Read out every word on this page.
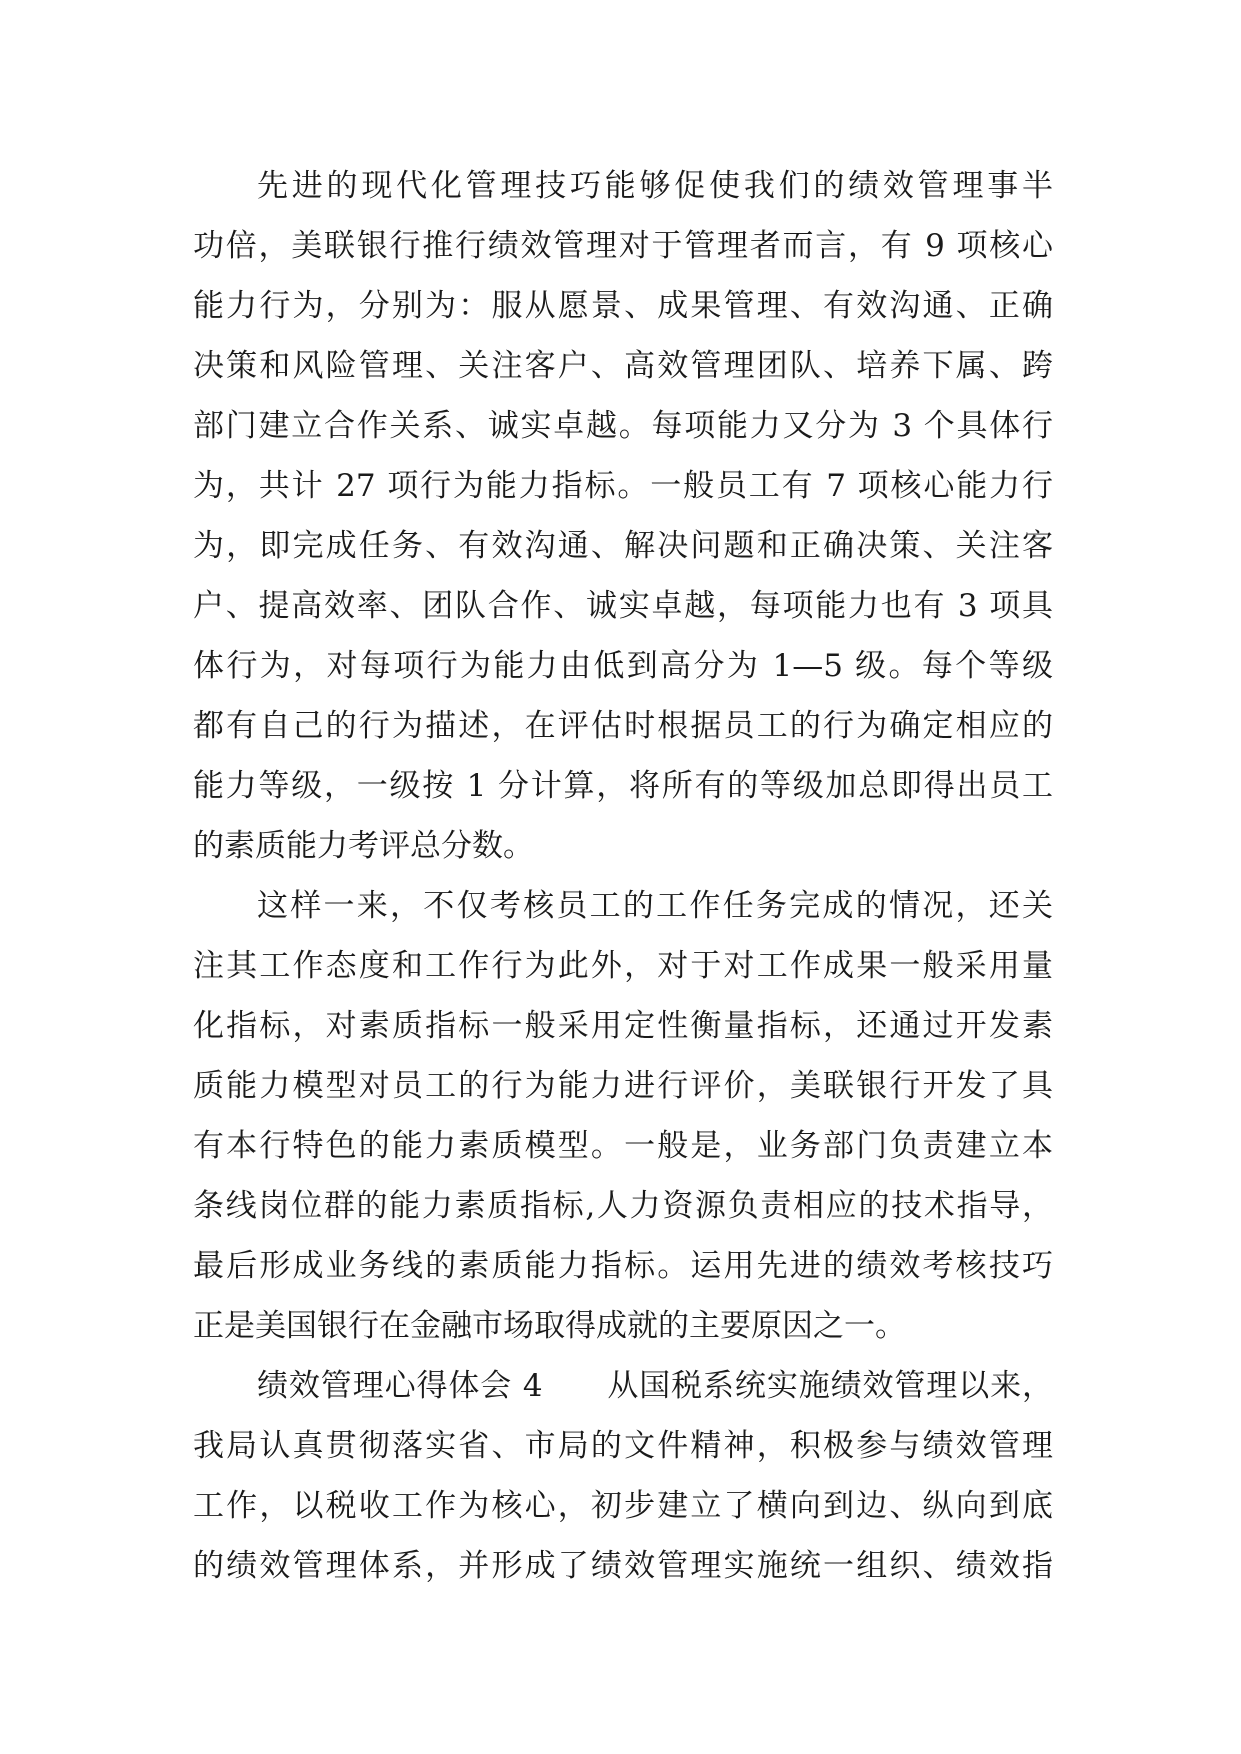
先进的现代化管理技巧能够促使我们的绩效管理事半
功倍，美联银行推行绩效管理对于管理者而言，有 9 项核心
能力行为，分别为：服从愿景、成果管理、有效沟通、正确
决策和风险管理、关注客户、高效管理团队、培养下属、跨
部门建立合作关系、诚实卓越。每项能力又分为 3 个具体行
为，共计 27 项行为能力指标。一般员工有 7 项核心能力行
为，即完成任务、有效沟通、解决问题和正确决策、关注客
户、提高效率、团队合作、诚实卓越，每项能力也有 3 项具
体行为，对每项行为能力由低到高分为 1—5 级。每个等级
都有自己的行为描述，在评估时根据员工的行为确定相应的
能力等级，一级按 1 分计算，将所有的等级加总即得出员工
的素质能力考评总分数。
这样一来，不仅考核员工的工作任务完成的情况，还关
注其工作态度和工作行为此外，对于对工作成果一般采用量
化指标，对素质指标一般采用定性衡量指标，还通过开发素
质能力模型对员工的行为能力进行评价，美联银行开发了具
有本行特色的能力素质模型。一般是，业务部门负责建立本
条线岗位群的能力素质指标,人力资源负责相应的技术指导，
最后形成业务线的素质能力指标。运用先进的绩效考核技巧
正是美国银行在金融市场取得成就的主要原因之一。
绩效管理心得体会 4　　从国税系统实施绩效管理以来，
我局认真贯彻落实省、市局的文件精神，积极参与绩效管理
工作，以税收工作为核心，初步建立了横向到边、纵向到底
的绩效管理体系，并形成了绩效管理实施统一组织、绩效指
